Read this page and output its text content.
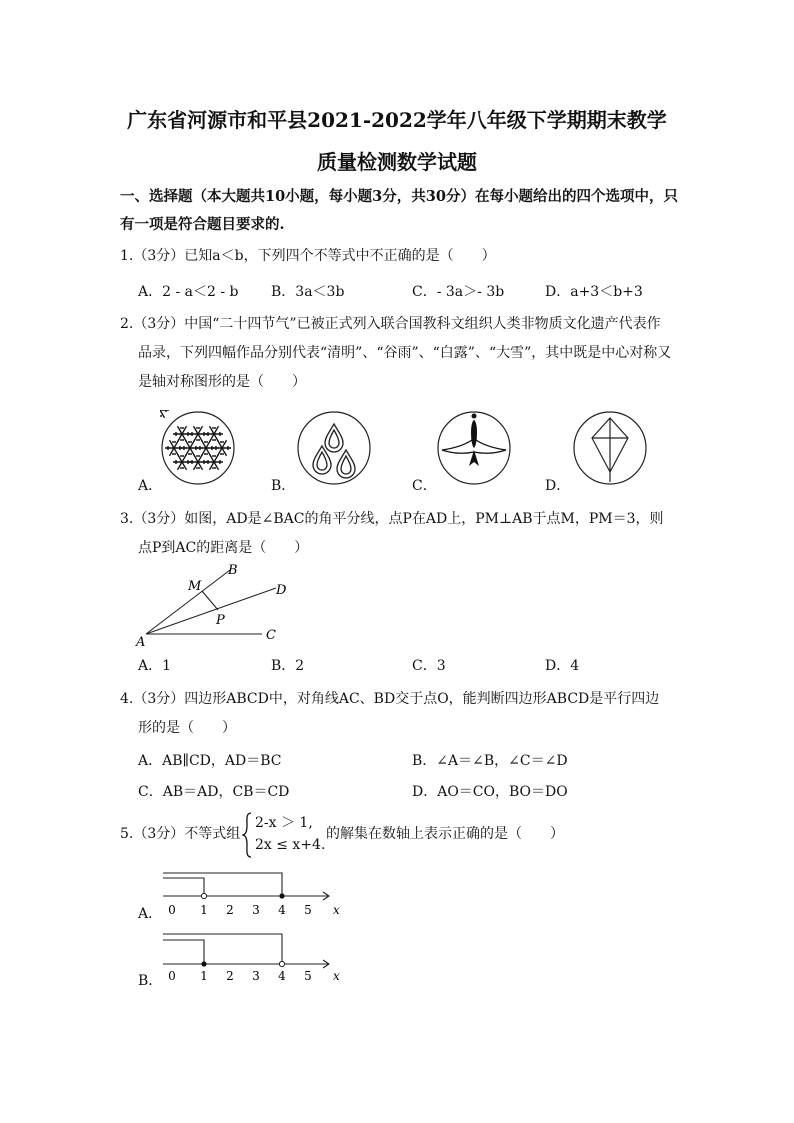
广东省河源市和平县2021-2022学年八年级下学期期末教学
质量检测数学试题
一、选择题（本大题共10小题，每小题3分，共30分）在每小题给出的四个选项中，只
有一项是符合题目要求的.
1.（3分）已知a＜b，下列四个不等式中不正确的是（　　）
A．2 - a＜2 - b B．3a＜3b	C．- 3a＞- 3b	D．a+3＜b+3
2.（3分）中国“二十四节气”已被正式列入联合国教科文组织人类非物质文化遗产代表作
品录，下列四幅作品分别代表“清明”、“谷雨”、“白露”、“大雪”，其中既是中心对称又
是轴对称图形的是（　　）
A．	B．	C．	D．
3.（3分）如图，AD是∠BAC的角平分线，点P在AD上，PM⊥AB于点M，PM＝3，则
点P到AC的距离是（　　）
B
M	D
P
A	C
A．1	B．2	C．3	D．4
4.（3分）四边形ABCD中，对角线AC、BD交于点O，能判断四边形ABCD是平行四边
形的是（　　）
A．AB∥CD，AD＝BC	B．∠A＝∠B，∠C＝∠D
C．AB＝AD，CB＝CD	D．AO＝CO，BO＝DO
5.（3分）不等式组
2-x ＞ 1,
2x ≤ x+4.
的解集在数轴上表示正确的是（　　）
A． 0 1 2 3 4 5 x
B． 0 1 2 3 4 5 x
